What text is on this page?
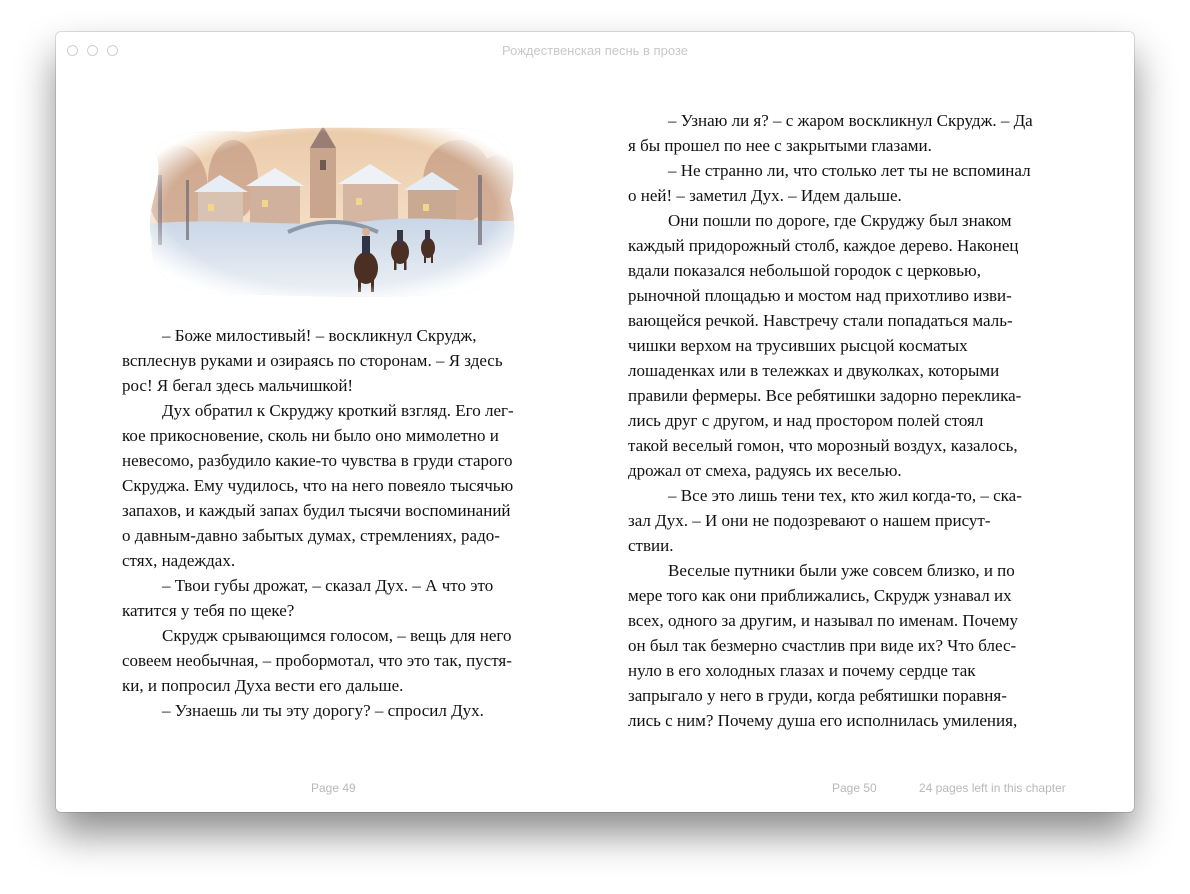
Рождественская песнь в прозе

– Боже милостивый! – воскликнул Скрудж,
всплеснув руками и озираясь по сторонам. – Я здесь
рос! Я бегал здесь мальчишкой!

Дух обратил к Скруджу кроткий взгляд. Его лег-
кое прикосновение, сколь ни было оно мимолетно и
невесомо, разбудило какие-то чувства в груди старого
Скруджа. Ему чудилось, что на него повеяло тысячью
запахов, и каждый запах будил тысячи воспоминаний
о давным-давно забытых думах, стремлениях, радо-
стях, надеждах.

– Твои губы дрожат, – сказал Дух. – А что это
катится у тебя по щеке?

Скрудж срывающимся голосом, – вещь для него
совеем необычная, – пробормотал, что это так, пустя-
ки, и попросил Духа вести его дальше.

– Узнаешь ли ты эту дорогу? – спросил Дух.

– Узнаю ли я? – с жаром воскликнул Скрудж. – Да
я бы прошел по нее с закрытыми глазами.

– Не странно ли, что столько лет ты не вспоминал
о ней! – заметил Дух. – Идем дальше.

Они пошли по дороге, где Скруджу был знаком
каждый придорожный столб, каждое дерево. Наконец
вдали показался небольшой городок с церковью,
рыночной площадью и мостом над прихотливо изви-
вающейся речкой. Навстречу стали попадаться маль-
чишки верхом на трусивших рысцой косматых
лошаденках или в тележках и двуколках, которыми
правили фермеры. Все ребятишки задорно переклика-
лись друг с другом, и над простором полей стоял
такой веселый гомон, что морозный воздух, казалось,
дрожал от смеха, радуясь их веселью.

– Все это лишь тени тех, кто жил когда-то, – ска-
зал Дух. – И они не подозревают о нашем присут-
ствии.

Веселые путники были уже совсем близко, и по
мере того как они приближались, Скрудж узнавал их
всех, одного за другим, и называл по именам. Почему
он был так безмерно счастлив при виде их? Что блес-
нуло в его холодных глазах и почему сердце так
запрыгало у него в груди, когда ребятишки поравня-
лись с ним? Почему душа его исполнилась умиления,

Page 49	Page 50	24 pages left in this chapter
